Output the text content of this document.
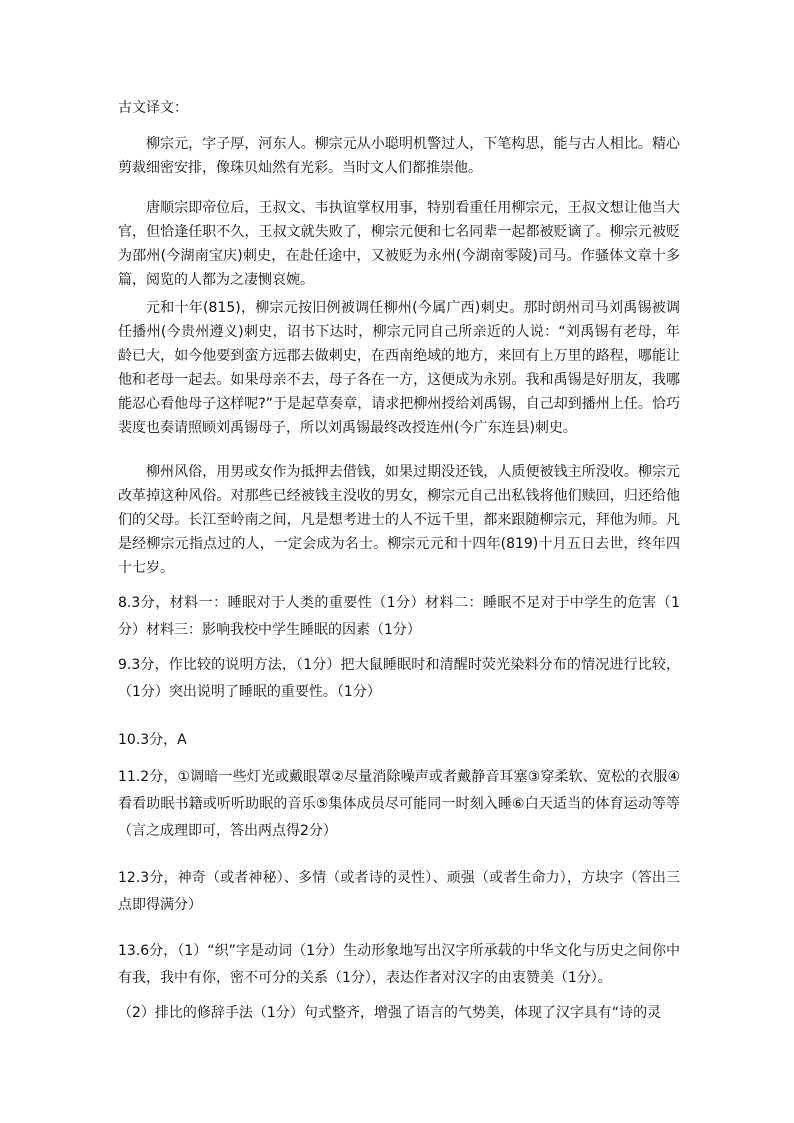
古文译文：

柳宗元，字子厚，河东人。柳宗元从小聪明机警过人，下笔构思，能与古人相比。精心剪裁细密安排，像珠贝灿然有光彩。当时文人们都推崇他。

唐顺宗即帝位后，王叔文、韦执谊掌权用事，特别看重任用柳宗元，王叔文想让他当大官，但恰逢任职不久，王叔文就失败了，柳宗元便和七名同辈一起都被贬谪了。柳宗元被贬为邵州(今湖南宝庆)刺史，在赴任途中，又被贬为永州(今湖南零陵)司马。作骚体文章十多篇，阅览的人都为之凄恻哀婉。

元和十年(815)，柳宗元按旧例被调任柳州(今属广西)刺史。那时朗州司马刘禹锡被调任播州(今贵州遵义)刺史，诏书下达时，柳宗元同自己所亲近的人说：“刘禹锡有老母，年龄已大，如今他要到蛮方远郡去做刺史，在西南绝域的地方，来回有上万里的路程，哪能让他和老母一起去。如果母亲不去，母子各在一方，这便成为永别。我和禹锡是好朋友，我哪能忍心看他母子这样呢?”于是起草奏章，请求把柳州授给刘禹锡，自己却到播州上任。恰巧裴度也奏请照顾刘禹锡母子，所以刘禹锡最终改授连州(今广东连县)刺史。

柳州风俗，用男或女作为抵押去借钱，如果过期没还钱，人质便被钱主所没收。柳宗元改革掉这种风俗。对那些已经被钱主没收的男女，柳宗元自己出私钱将他们赎回，归还给他们的父母。长江至岭南之间，凡是想考进士的人不远千里，都来跟随柳宗元，拜他为师。凡是经柳宗元指点过的人，一定会成为名士。柳宗元元和十四年(819)十月五日去世，终年四十七岁。

8.3分，材料一：睡眠对于人类的重要性（1分）材料二：睡眠不足对于中学生的危害（1分）材料三：影响我校中学生睡眠的因素（1分）

9.3分，作比较的说明方法，（1分）把大鼠睡眠时和清醒时荧光染料分布的情况进行比较，（1分）突出说明了睡眠的重要性。（1分）

10.3分，A

11.2分，①调暗一些灯光或戴眼罩②尽量消除噪声或者戴静音耳塞③穿柔软、宽松的衣服④看看助眠书籍或听听助眠的音乐⑤集体成员尽可能同一时刻入睡⑥白天适当的体育运动等等（言之成理即可，答出两点得2分）

12.3分，神奇（或者神秘）、多情（或者诗的灵性）、顽强（或者生命力），方块字（答出三点即得满分）

13.6分，（1）“织”字是动词（1分）生动形象地写出汉字所承载的中华文化与历史之间你中有我，我中有你，密不可分的关系（1分），表达作者对汉字的由衷赞美（1分）。

（2）排比的修辞手法（1分）句式整齐，增强了语言的气势美，体现了汉字具有“诗的灵
